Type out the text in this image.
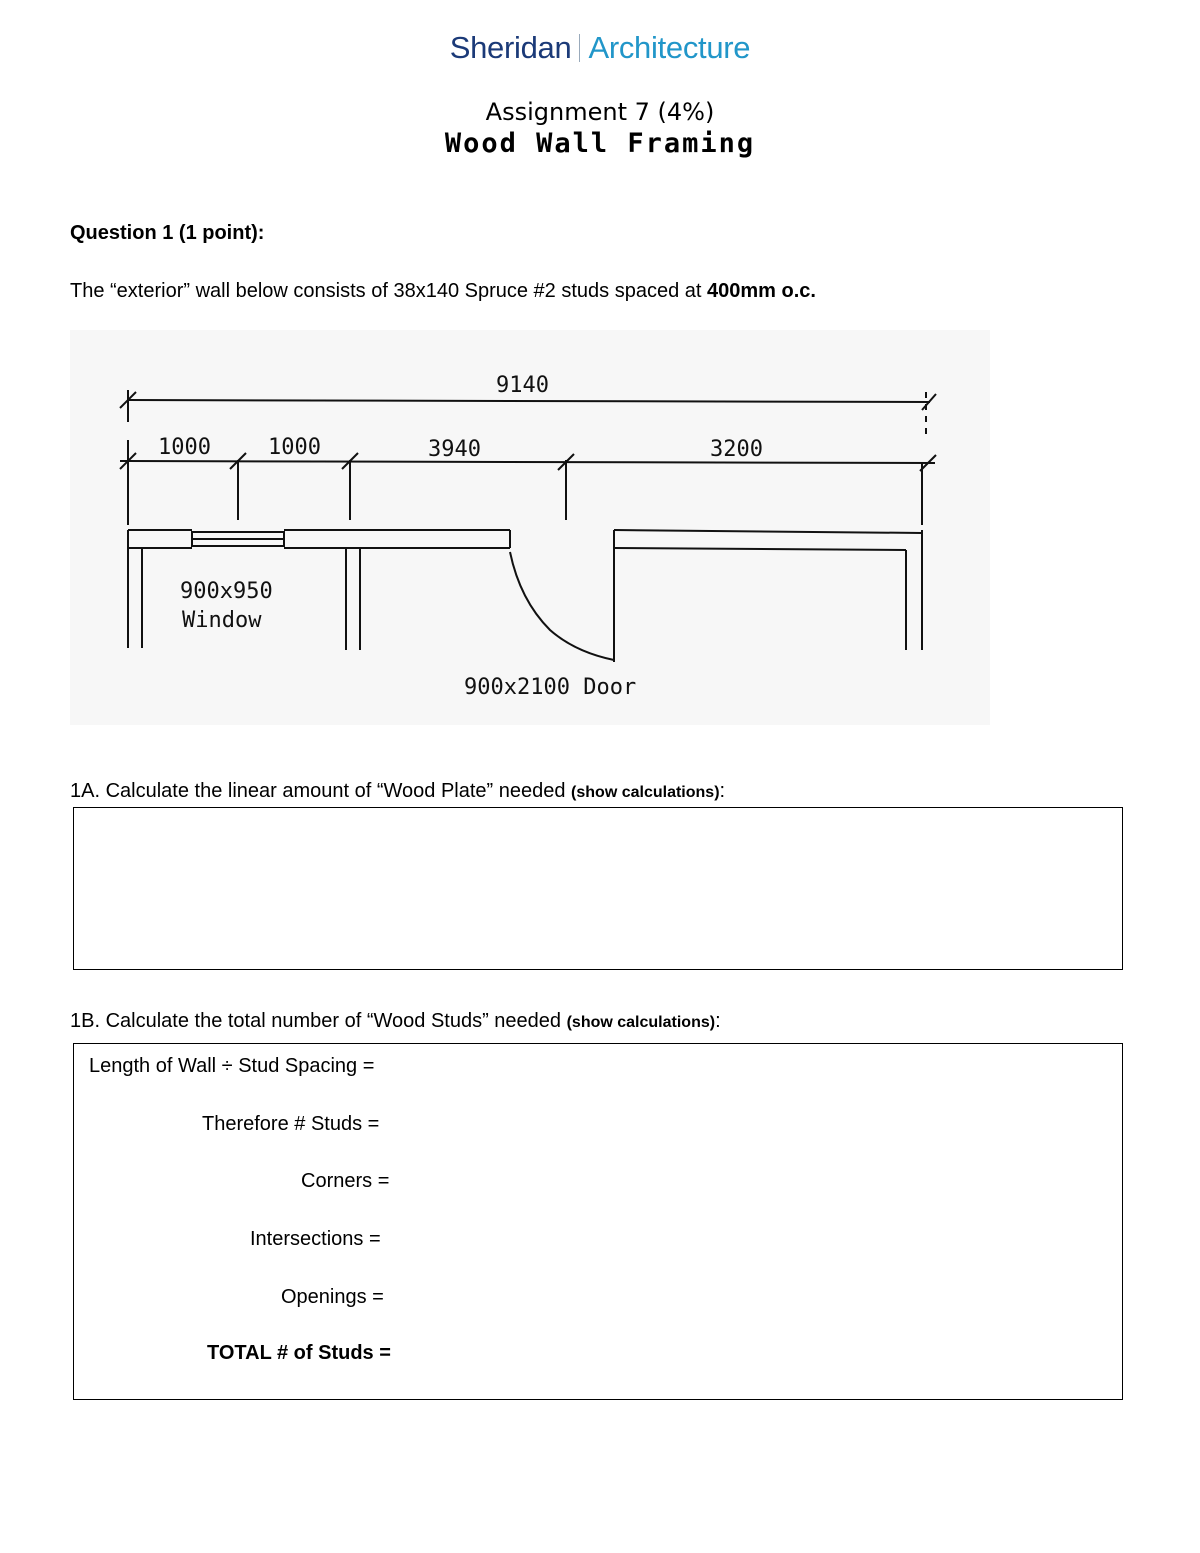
Sheridan Architecture
Assignment 7 (4%)
Wood Wall Framing
Question 1 (1 point):
The “exterior” wall below consists of 38x140 Spruce #2 studs spaced at 400mm o.c.
9140
1000	1000	3940	3200
900x950
Window
900x2100 Door
1A. Calculate the linear amount of “Wood Plate” needed (show calculations):
1B. Calculate the total number of “Wood Studs” needed (show calculations):
Length of Wall ÷ Stud Spacing =
Therefore # Studs =
Corners =
Intersections =
Openings =
TOTAL # of Studs =
